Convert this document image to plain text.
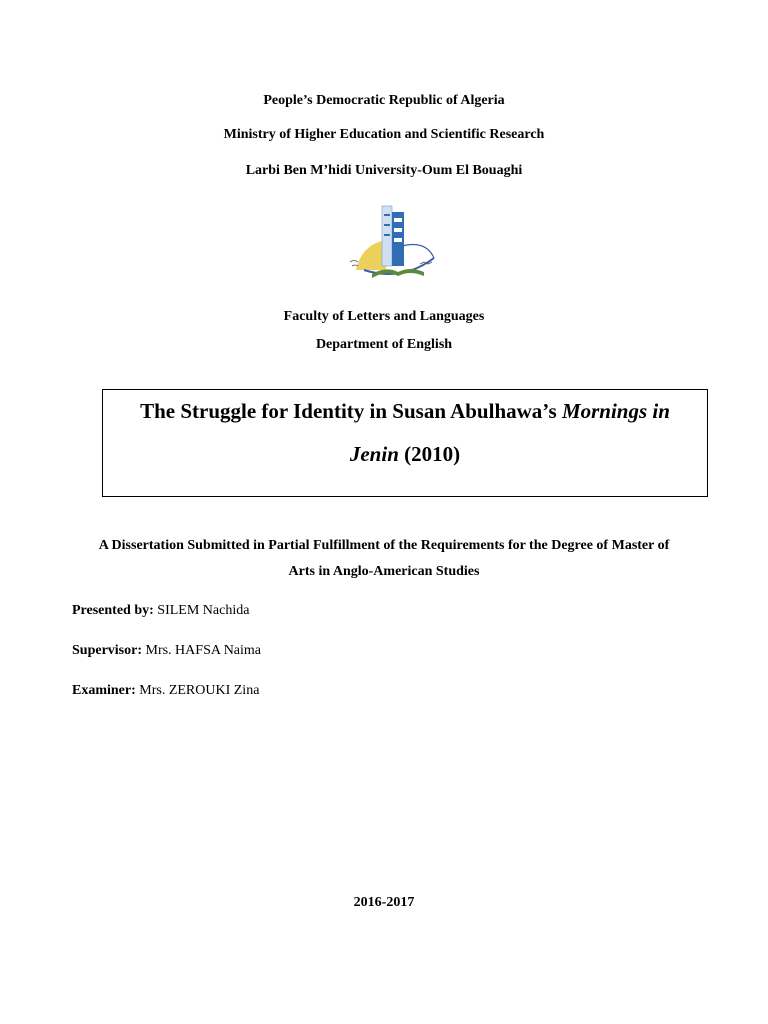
People’s Democratic Republic of Algeria
Ministry of Higher Education and Scientific Research
Larbi Ben M’hidi University-Oum El Bouaghi
Faculty of Letters and Languages
Department of English
The Struggle for Identity in Susan Abulhawa’s Mornings in
Jenin (2010)
A Dissertation Submitted in Partial Fulfillment of the Requirements for the Degree of Master of
Arts in Anglo-American Studies
Presented by: SILEM Nachida
Supervisor: Mrs. HAFSA Naima
Examiner: Mrs. ZEROUKI Zina
2016-2017
